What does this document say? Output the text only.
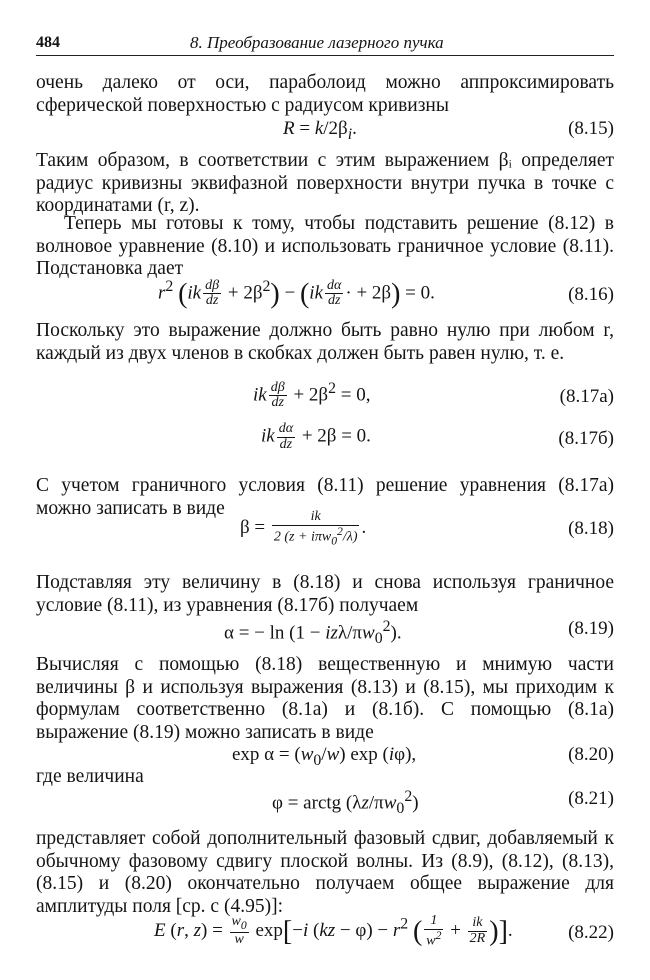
484	8. Преобразование лазерного пучка
очень далеко от оси, параболоид можно аппроксимировать сферической поверхностью с радиусом кривизны
$R = k/2\beta_i$.	(8.15)
Таким образом, в соответствии с этим выражением βᵢ определяет радиус кривизны эквифазной поверхности внутри пучка в точке с координатами (r, z).
Теперь мы готовы к тому, чтобы подставить решение (8.12) в волновое уравнение (8.10) и использовать граничное условие (8.11). Подстановка дает
$r^2$ $(ik \frac{d\beta}{dz} + 2\beta^2) - (ik \frac{d\alpha}{dz}$ · + 2β) = 0.	(8.16)
Поскольку это выражение должно быть равно нулю при любом r, каждый из двух членов в скобках должен быть равен нулю, т. е.
ik $\frac{d\beta}{dz} + 2\beta^2 = 0$,	(8.17а)
ik $\frac{d\alpha}{dz} + 2\beta = 0$.	(8.17б)
С учетом граничного условия (8.11) решение уравнения (8.17а) можно записать в виде
$\beta = \frac{ik}{2 (z + i\pi w_0^2/\lambda)}$ .	(8.18)
Подставляя эту величину в (8.18) и снова используя граничное условие (8.11), из уравнения (8.17б) получаем
α = − ln (1 − izλ/$\pi w_0^2$).	(8.19)
Вычисляя с помощью (8.18) вещественную и мнимую части величины β и используя выражения (8.13) и (8.15), мы приходим к формулам соответственно (8.1а) и (8.1б). С помощью (8.1а) выражение (8.19) можно записать в виде
$\exp \alpha = (w_0/w)$ exp (iφ),	(8.20)
где величина
φ = arctg $(\lambda z/\pi w_0^2)$	(8.21)
представляет собой дополнительный фазовый сдвиг, добавляемый к обычному фазовому сдвигу плоской волны. Из (8.9), (8.12), (8.13), (8.15) и (8.20) окончательно получаем общее выражение для амплитуды поля [ср. с (4.95)]:
E (r, $z) = \frac{w_0}{w} \exp[-i$ $(kz - \varphi) - r^2$ ( $\frac{1}{w^2} + \frac{ik}{2R}$ )].	(8.22)
